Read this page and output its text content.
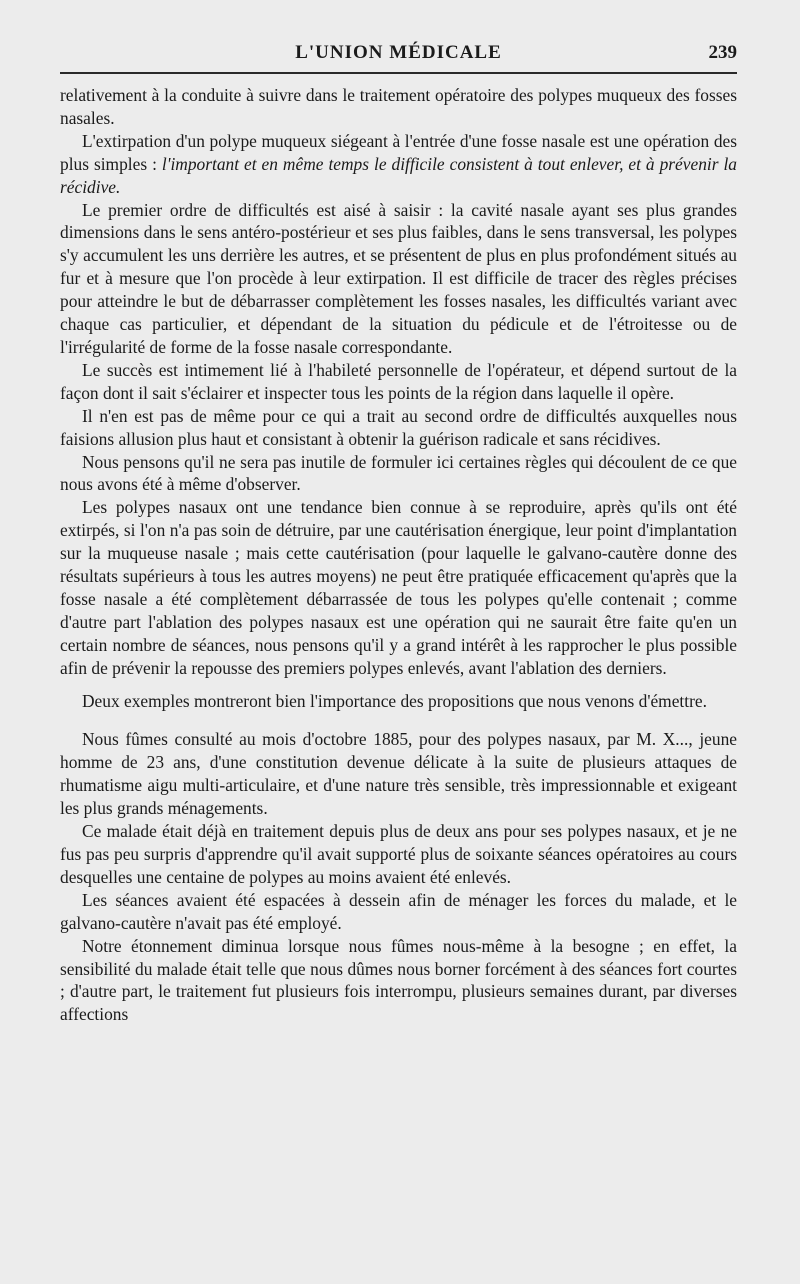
L'UNION MÉDICALE	239

relativement à la conduite à suivre dans le traitement opératoire des polypes muqueux des fosses nasales.

L'extirpation d'un polype muqueux siégeant à l'entrée d'une fosse nasale est une opération des plus simples : l'important et en même temps le difficile consistent à tout enlever, et à prévenir la récidive.

Le premier ordre de difficultés est aisé à saisir : la cavité nasale ayant ses plus grandes dimensions dans le sens antéro-postérieur et ses plus faibles, dans le sens transversal, les polypes s'y accumulent les uns derrière les autres, et se présentent de plus en plus profondément situés au fur et à mesure que l'on procède à leur extirpation. Il est difficile de tracer des règles précises pour atteindre le but de débarrasser complètement les fosses nasales, les difficultés variant avec chaque cas particulier, et dépendant de la situation du pédicule et de l'étroitesse ou de l'irrégularité de forme de la fosse nasale correspondante.

Le succès est intimement lié à l'habileté personnelle de l'opérateur, et dépend surtout de la façon dont il sait s'éclairer et inspecter tous les points de la région dans laquelle il opère.

Il n'en est pas de même pour ce qui a trait au second ordre de difficultés auxquelles nous faisions allusion plus haut et consistant à obtenir la guérison radicale et sans récidives.

Nous pensons qu'il ne sera pas inutile de formuler ici certaines règles qui découlent de ce que nous avons été à même d'observer.

Les polypes nasaux ont une tendance bien connue à se reproduire, après qu'ils ont été extirpés, si l'on n'a pas soin de détruire, par une cautérisation énergique, leur point d'implantation sur la muqueuse nasale ; mais cette cautérisation (pour laquelle le galvano-cautère donne des résultats supérieurs à tous les autres moyens) ne peut être pratiquée efficacement qu'après que la fosse nasale a été complètement débarrassée de tous les polypes qu'elle contenait ; comme d'autre part l'ablation des polypes nasaux est une opération qui ne saurait être faite qu'en un certain nombre de séances, nous pensons qu'il y a grand intérêt à les rapprocher le plus possible afin de prévenir la repousse des premiers polypes enlevés, avant l'ablation des derniers.

Deux exemples montreront bien l'importance des propositions que nous venons d'émettre.

Nous fûmes consulté au mois d'octobre 1885, pour des polypes nasaux, par M. X..., jeune homme de 23 ans, d'une constitution devenue délicate à la suite de plusieurs attaques de rhumatisme aigu multi-articulaire, et d'une nature très sensible, très impressionnable et exigeant les plus grands ménagements.

Ce malade était déjà en traitement depuis plus de deux ans pour ses polypes nasaux, et je ne fus pas peu surpris d'apprendre qu'il avait supporté plus de soixante séances opératoires au cours desquelles une centaine de polypes au moins avaient été enlevés.

Les séances avaient été espacées à dessein afin de ménager les forces du malade, et le galvano-cautère n'avait pas été employé.

Notre étonnement diminua lorsque nous fûmes nous-même à la besogne ; en effet, la sensibilité du malade était telle que nous dûmes nous borner forcément à des séances fort courtes ; d'autre part, le traitement fut plusieurs fois interrompu, plusieurs semaines durant, par diverses affections
